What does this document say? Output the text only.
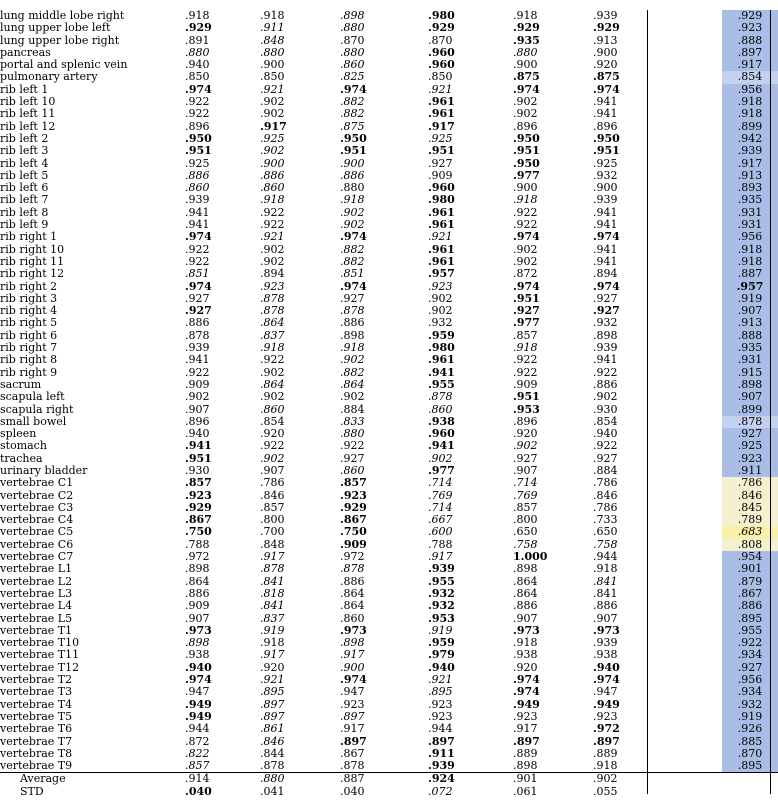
lung middle lobe right	.918	.918	.898	.980	.918	.939		.929	
lung upper lobe left	.929	.911	.880	.929	.929	.929		.923	
lung upper lobe right	.891	.848	.870	.870	.935	.913		.888	
pancreas	.880	.880	.880	.960	.880	.900		.897	
portal and splenic vein	.940	.900	.860	.960	.900	.920		.917	
pulmonary artery	.850	.850	.825	.850	.875	.875		.854	
rib left 1	.974	.921	.974	.921	.974	.974		.956	
rib left 10	.922	.902	.882	.961	.902	.941		.918	
rib left 11	.922	.902	.882	.961	.902	.941		.918	
rib left 12	.896	.917	.875	.917	.896	.896		.899	
rib left 2	.950	.925	.950	.925	.950	.950		.942	
rib left 3	.951	.902	.951	.951	.951	.951		.939	
rib left 4	.925	.900	.900	.927	.950	.925		.917	
rib left 5	.886	.886	.886	.909	.977	.932		.913	
rib left 6	.860	.860	.880	.960	.900	.900		.893	
rib left 7	.939	.918	.918	.980	.918	.939		.935	
rib left 8	.941	.922	.902	.961	.922	.941		.931	
rib left 9	.941	.922	.902	.961	.922	.941		.931	
rib right 1	.974	.921	.974	.921	.974	.974		.956	
rib right 10	.922	.902	.882	.961	.902	.941		.918	
rib right 11	.922	.902	.882	.961	.902	.941		.918	
rib right 12	.851	.894	.851	.957	.872	.894		.887	
rib right 2	.974	.923	.974	.923	.974	.974		.957	
rib right 3	.927	.878	.927	.902	.951	.927		.919	
rib right 4	.927	.878	.878	.902	.927	.927		.907	
rib right 5	.886	.864	.886	.932	.977	.932		.913	
rib right 6	.878	.837	.898	.959	.857	.898		.888	
rib right 7	.939	.918	.918	.980	.918	.939		.935	
rib right 8	.941	.922	.902	.961	.922	.941		.931	
rib right 9	.922	.902	.882	.941	.922	.922		.915	
sacrum	.909	.864	.864	.955	.909	.886		.898	
scapula left	.902	.902	.902	.878	.951	.902		.907	
scapula right	.907	.860	.884	.860	.953	.930		.899	
small bowel	.896	.854	.833	.938	.896	.854		.878	
spleen	.940	.920	.880	.960	.920	.940		.927	
stomach	.941	.922	.922	.941	.902	.922		.925	
trachea	.951	.902	.927	.902	.927	.927		.923	
urinary bladder	.930	.907	.860	.977	.907	.884		.911	
vertebrae C1	.857	.786	.857	.714	.714	.786		.786	
vertebrae C2	.923	.846	.923	.769	.769	.846		.846	
vertebrae C3	.929	.857	.929	.714	.857	.786		.845	
vertebrae C4	.867	.800	.867	.667	.800	.733		.789	
vertebrae C5	.750	.700	.750	.600	.650	.650		.683	
vertebrae C6	.788	.848	.909	.788	.758	.758		.808	
vertebrae C7	.972	.917	.972	.917	1.000	.944		.954	
vertebrae L1	.898	.878	.878	.939	.898	.918		.901	
vertebrae L2	.864	.841	.886	.955	.864	.841		.879	
vertebrae L3	.886	.818	.864	.932	.864	.841		.867	
vertebrae L4	.909	.841	.864	.932	.886	.886		.886	
vertebrae L5	.907	.837	.860	.953	.907	.907		.895	
vertebrae T1	.973	.919	.973	.919	.973	.973		.955	
vertebrae T10	.898	.918	.898	.959	.918	.939		.922	
vertebrae T11	.938	.917	.917	.979	.938	.938		.934	
vertebrae T12	.940	.920	.900	.940	.920	.940		.927	
vertebrae T2	.974	.921	.974	.921	.974	.974		.956	
vertebrae T3	.947	.895	.947	.895	.974	.947		.934	
vertebrae T4	.949	.897	.923	.923	.949	.949		.932	
vertebrae T5	.949	.897	.897	.923	.923	.923		.919	
vertebrae T6	.944	.861	.917	.944	.917	.972		.926	
vertebrae T7	.872	.846	.897	.897	.897	.897		.885	
vertebrae T8	.822	.844	.867	.911	.889	.889		.870	
vertebrae T9	.857	.878	.878	.939	.898	.918		.895	
Average	.914	.880	.887	.924	.901	.902			
STD	.040	.041	.040	.072	.061	.055			
